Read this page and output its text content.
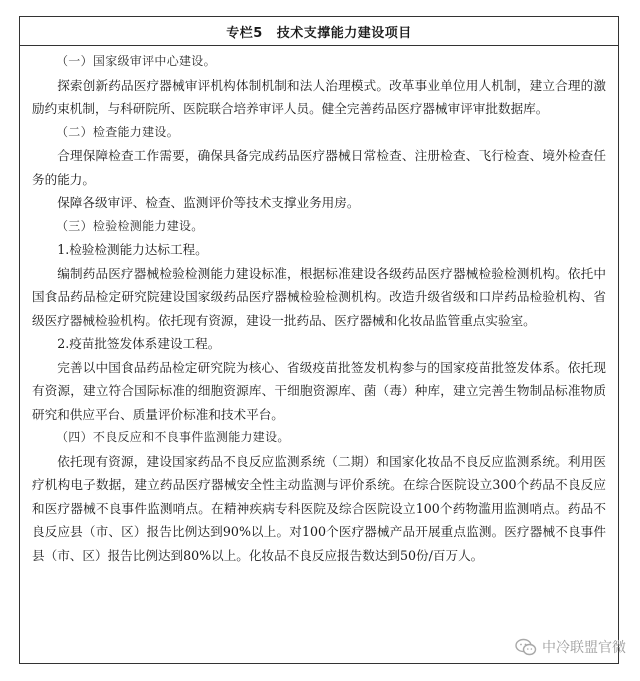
专栏5 技术支撑能力建设项目

（一）国家级审评中心建设。

探索创新药品医疗器械审评机构体制机制和法人治理模式。改革事业单位用人机制，建立合理的激励约束机制，与科研院所、医院联合培养审评人员。健全完善药品医疗器械审评审批数据库。

（二）检查能力建设。

合理保障检查工作需要，确保具备完成药品医疗器械日常检查、注册检查、飞行检查、境外检查任务的能力。

保障各级审评、检查、监测评价等技术支撑业务用房。

（三）检验检测能力建设。

1.检验检测能力达标工程。

编制药品医疗器械检验检测能力建设标准，根据标准建设各级药品医疗器械检验检测机构。依托中国食品药品检定研究院建设国家级药品医疗器械检验检测机构。改造升级省级和口岸药品检验机构、省级医疗器械检验机构。依托现有资源，建设一批药品、医疗器械和化妆品监管重点实验室。

2.疫苗批签发体系建设工程。

完善以中国食品药品检定研究院为核心、省级疫苗批签发机构参与的国家疫苗批签发体系。依托现有资源，建立符合国际标准的细胞资源库、干细胞资源库、菌（毒）种库，建立完善生物制品标准物质研究和供应平台、质量评价标准和技术平台。

（四）不良反应和不良事件监测能力建设。

依托现有资源，建设国家药品不良反应监测系统（二期）和国家化妆品不良反应监测系统。利用医疗机构电子数据，建立药品医疗器械安全性主动监测与评价系统。在综合医院设立300个药品不良反应和医疗器械不良事件监测哨点。在精神疾病专科医院及综合医院设立100个药物滥用监测哨点。药品不良反应县（市、区）报告比例达到90%以上。对100个医疗器械产品开展重点监测。医疗器械不良事件县（市、区）报告比例达到80%以上。化妆品不良反应报告数达到50份/百万人。

中冷联盟官微
